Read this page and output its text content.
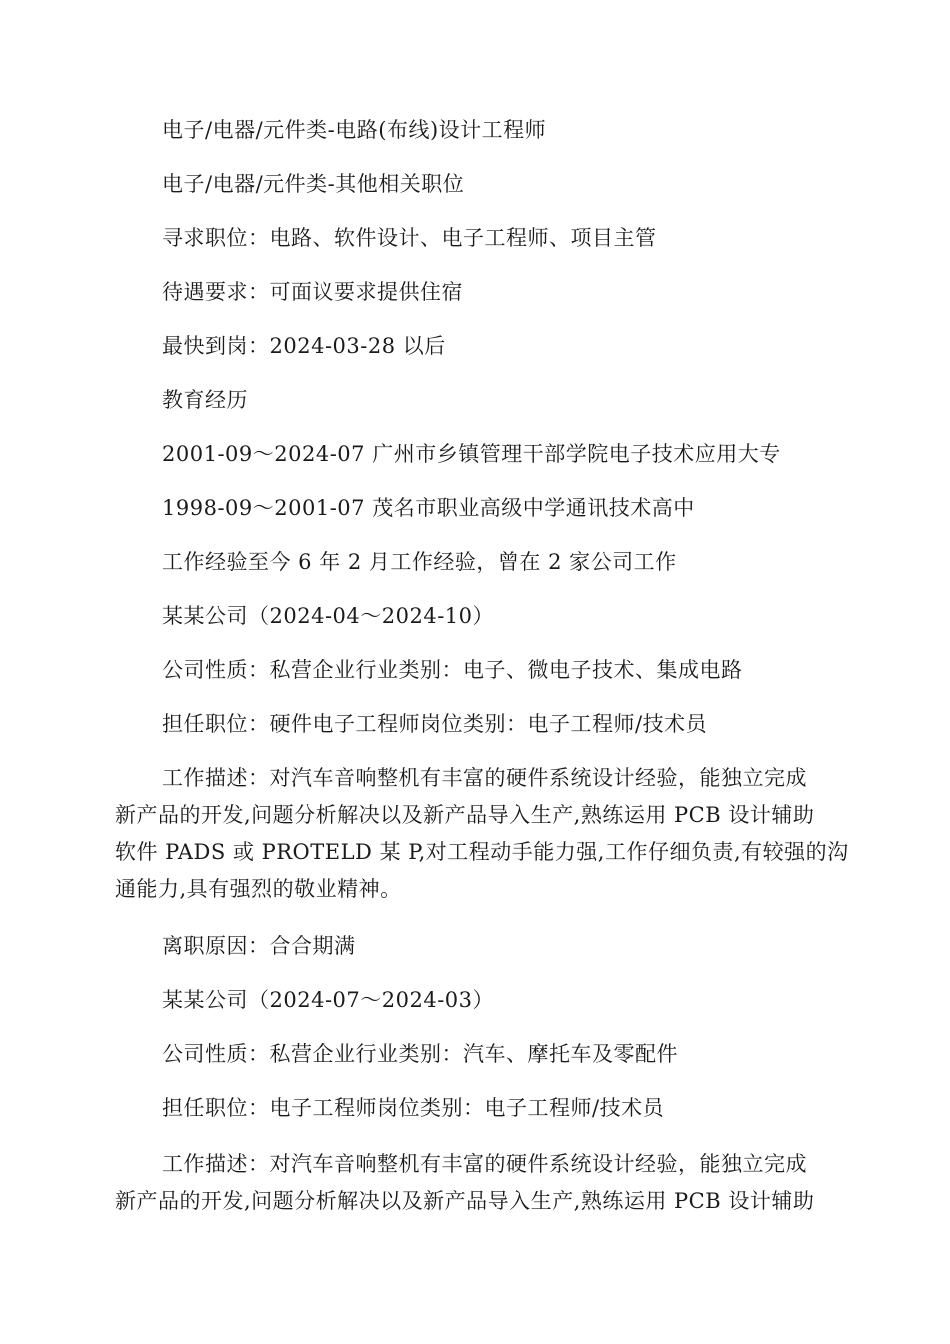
电子/电器/元件类-电路(布线)设计工程师
电子/电器/元件类-其他相关职位
寻求职位：电路、软件设计、电子工程师、项目主管
待遇要求：可面议要求提供住宿
最快到岗：2024-03-28 以后
教育经历
2001-09～2024-07 广州市乡镇管理干部学院电子技术应用大专
1998-09～2001-07 茂名市职业高级中学通讯技术高中
工作经验至今 6 年 2 月工作经验，曾在 2 家公司工作
某某公司（2024-04～2024-10）
公司性质：私营企业行业类别：电子、微电子技术、集成电路
担任职位：硬件电子工程师岗位类别：电子工程师/技术员
工作描述：对汽车音响整机有丰富的硬件系统设计经验，能独立完成
新产品的开发,问题分析解决以及新产品导入生产,熟练运用 PCB 设计辅助
软件 PADS 或 PROTELD 某 P,对工程动手能力强,工作仔细负责,有较强的沟
通能力,具有强烈的敬业精神。
离职原因：合合期满
某某公司（2024-07～2024-03）
公司性质：私营企业行业类别：汽车、摩托车及零配件
担任职位：电子工程师岗位类别：电子工程师/技术员
工作描述：对汽车音响整机有丰富的硬件系统设计经验，能独立完成
新产品的开发,问题分析解决以及新产品导入生产,熟练运用 PCB 设计辅助
